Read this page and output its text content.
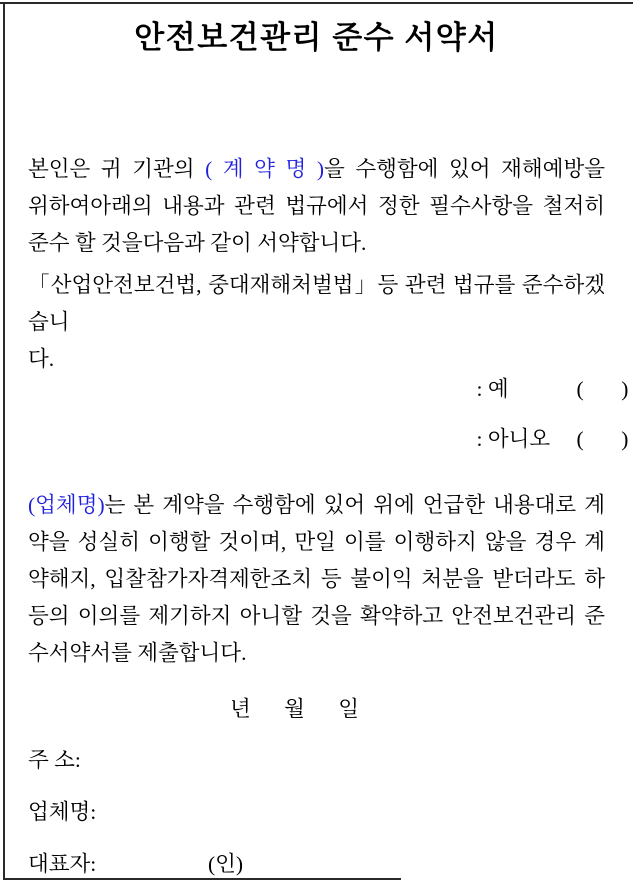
안전보건관리 준수 서약서
본인은 귀 기관의 ( 계 약 명 )을 수행함에 있어 재해예방을
위하여아래의 내용과 관련 법규에서 정한 필수사항을 철저히
준수 할 것을다음과 같이 서약합니다.
「산업안전보건법, 중대재해처벌법」등 관련 법규를 준수하겠습니
다.

: 예	(       )

: 아니오 (       )

(업체명)는 본 계약을 수행함에 있어 위에 언급한 내용대로 계
약을 성실히 이행할 것이며, 만일 이를 이행하지 않을 경우 계
약해지, 입찰참가자격제한조치 등 불이익 처분을 받더라도 하
등의 이의를 제기하지 아니할 것을 확약하고 안전보건관리 준
수서약서를 제출합니다.
년 월 일
주 소:
업체명:
대표자:	(인)
